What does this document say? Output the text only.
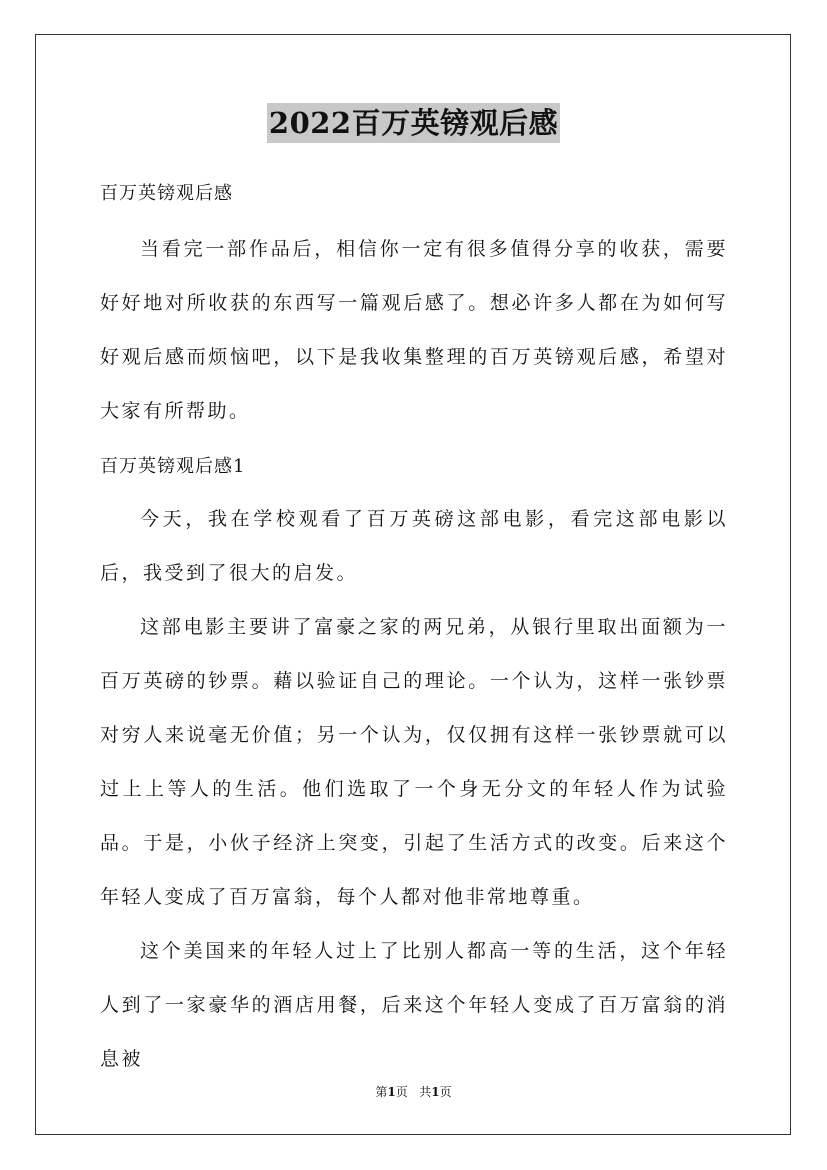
2022百万英镑观后感
百万英镑观后感

当看完一部作品后，相信你一定有很多值得分享的收获，需要好好地对所收获的东西写一篇观后感了。想必许多人都在为如何写好观后感而烦恼吧，以下是我收集整理的百万英镑观后感，希望对大家有所帮助。

百万英镑观后感1

今天，我在学校观看了百万英磅这部电影，看完这部电影以后，我受到了很大的启发。

这部电影主要讲了富豪之家的两兄弟，从银行里取出面额为一百万英磅的钞票。藉以验证自己的理论。一个认为，这样一张钞票对穷人来说毫无价值；另一个认为，仅仅拥有这样一张钞票就可以过上上等人的生活。他们选取了一个身无分文的年轻人作为试验品。于是，小伙子经济上突变，引起了生活方式的改变。后来这个年轻人变成了百万富翁，每个人都对他非常地尊重。

这个美国来的年轻人过上了比别人都高一等的生活，这个年轻人到了一家豪华的酒店用餐，后来这个年轻人变成了百万富翁的消息被

第1页 共1页
